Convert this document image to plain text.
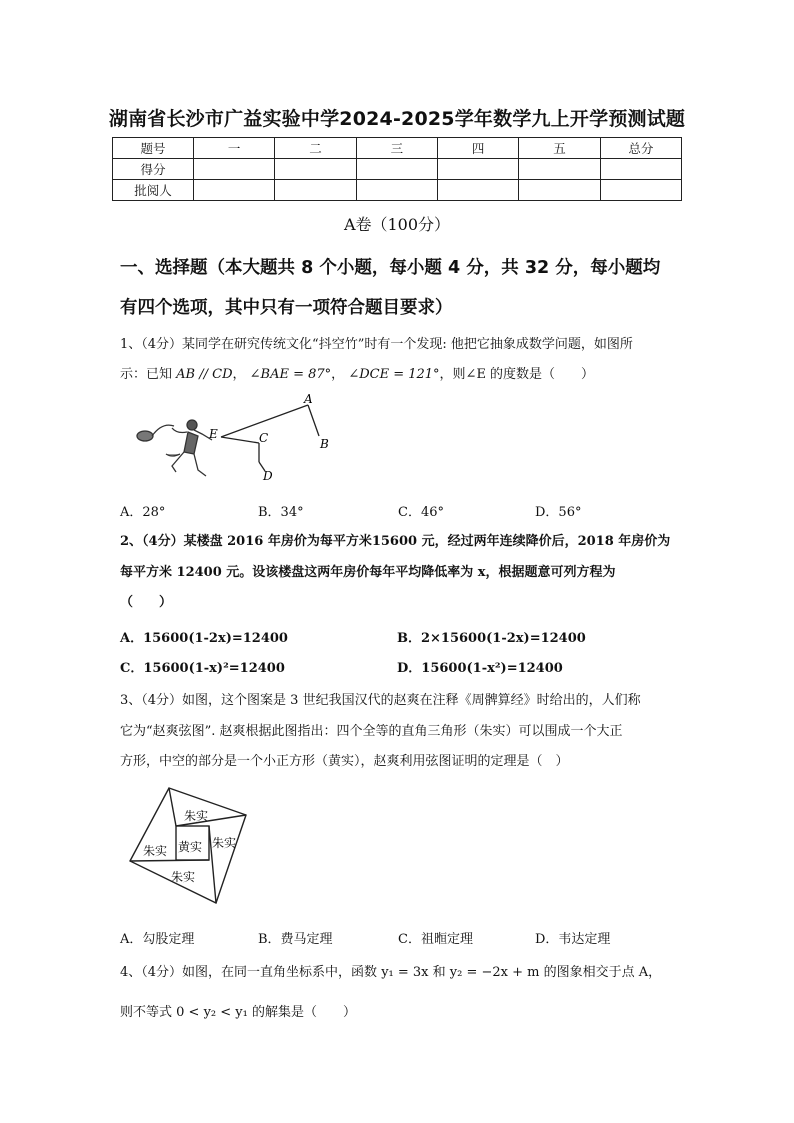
湖南省长沙市广益实验中学2024-2025学年数学九上开学预测试题
题号	一	二	三	四	五	总分
得分						
批阅人						
A卷（100分）
一、选择题（本大题共 8 个小题，每小题 4 分，共 32 分，每小题均
有四个选项，其中只有一项符合题目要求）
1、（4分）某同学在研究传统文化“抖空竹”时有一个发现: 他把它抽象成数学问题，如图所
示：已知 AB // CD， ∠BAE = 87°， ∠DCE = 121°，则∠E 的度数是（　　）
A
B
C
D
E
A．28°	B．34°	C．46°	D．56°
2、（4分）某楼盘 2016 年房价为每平方米15600 元，经过两年连续降价后，2018 年房价为
每平方米 12400 元。设该楼盘这两年房价每年平均降低率为 x，根据题意可列方程为
（　　）
A．15600(1-2x)=12400	B．2×15600(1-2x)=12400
C．15600(1-x)²=12400	D．15600(1-x²)=12400
3、（4分）如图，这个图案是 3 世纪我国汉代的赵爽在注释《周髀算经》时给出的，人们称
它为“赵爽弦图”. 赵爽根据此图指出：四个全等的直角三角形（朱实）可以围成一个大正
方形，中空的部分是一个小正方形（黄实），赵爽利用弦图证明的定理是（　）
朱实
朱实
黄实
朱实
朱实
A．勾股定理	B．费马定理	C．祖暅定理	D．韦达定理
4、（4分）如图，在同一直角坐标系中，函数 y₁ = 3x 和 y₂ = −2x + m 的图象相交于点 A，
则不等式 0 < y₂ < y₁ 的解集是（　　）
